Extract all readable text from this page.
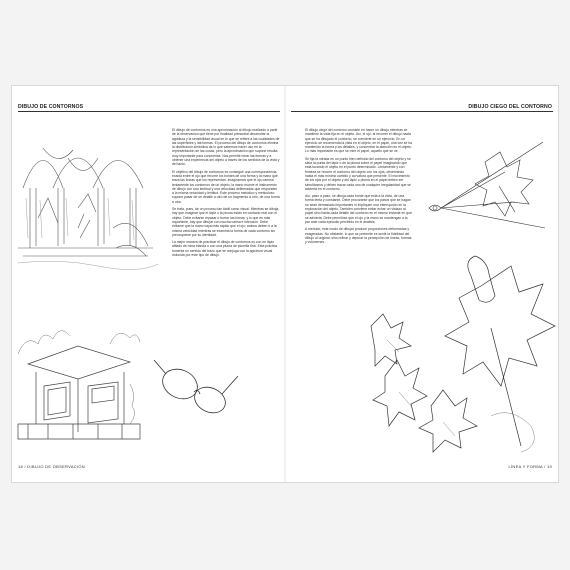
DIBUJO DE CONTORNOS

El dibujo de contornos es una aproximación al dibujo realizado a partir de la observación que tiene por finalidad primordial desarrollar la agudeza y la sensibilidad visual en lo que se refiere a las cualidades de las superficies y las formas. El proceso del dibujo de contornos elimina la distribución simbólica de lo que sabemos hacer uso en la representación de las cosas, pero la aproximación que supone resulta muy importante para conocerlas. Nos permite mirar las formas y a obtener una experiencia del objeto a través de los sentidos de la vista y del tacto.

El objetivo del dibujo de contornos es conseguir una correspondencia exacta entre el ojo que recorre los bordes de una forma y la mano que traza las líneas que los representan. Imaginemos que el ojo camina lentamente los contornos de un objeto; la mano mueve el instrumento de dibujo con una lentitud y una velocidad deliberadas que responden a la misma velocidad y lentitud. Este proceso metódico y meticuloso supone pasar de un detalle a otro de un fragmento a otro, de una forma a otra.

Se trata, pues, de un proceso tan táctil como visual. Mientras se dibuja, hay que imaginar que el lápiz o la pluma están en contacto real con el objeto. Debe evitarse repasar o borrar las líneas; y lo que es más importante, hay que dibujar con mucha calma e intención. Debe evitarse que la mano vaya más rápido que el ojo; ambos deben ir a la misma velocidad mientras se examina la forma de cada contorno sin preocuparse por su identidad.

La mejor manera de practicar el dibujo de contornos es con un lápiz afilado de mina blanda o con una pluma de plumilla fina. Esta práctica fomenta un sentido del trazo que se conjuga con la agudeza visual inducida por este tipo de dibujo.

18 / DIBUJO DE OBSERVACIÓN
DIBUJO CIEGO DEL CONTORNO

El dibujo ciego del contorno consiste en hacer un dibujo mientras se mantiene la vista fija en el objeto. Así, el ojo, al recorrer el dibujo hasta que se ha dibujado el contorno, se convierte en un ejercicio. En un ejercicio se recomienda la vista en el objeto, en el papel, una vez se ha mantenido la forma y los detalles, y concentrar la atención en el objeto. Lo más importante es que se mire el papel, aquello que se ve.

Se fija la mirada en un punto bien definido del contorno del objeto y se sitúa la punta del lápiz o de la pluma sobre el papel imaginando que está tocando el objeto en el punto determinado. Lentamente y con firmeza se recorre el contorno del objeto con los ojos, observando hasta el más mínimo cambio y curvatura que presente. El movimiento de los ojos por el objeto y del lápiz o pluma en el papel deben ser simultáneos y deben trazar cada uno de cualquier irregularidad que se advierta en el contorno.

Así, paso a paso, se dibuja cada borde que está a la vista, de una forma lenta y constante. Debe procurarse que los pasos que se hagan no sean demasiado importantes ni impliquen una interrupción en la exploración del objeto. También conviene evitar echar un vistazo al papel sino hasta cada detalle del contorno en el mismo instante en que se advierta. Debe permitirse que el ojo y la mano se mantengan a la par ante cada episodio percibido en el análisis.

A menudo, este modo de dibujar produce proporciones deformadas y exageradas. No obstante, lo que se pretende es sentir la fidelidad del dibujo al original, sino refinar y depurar la percepción de líneas, formas y volúmenes.

LÍNEA Y FORMA / 19
